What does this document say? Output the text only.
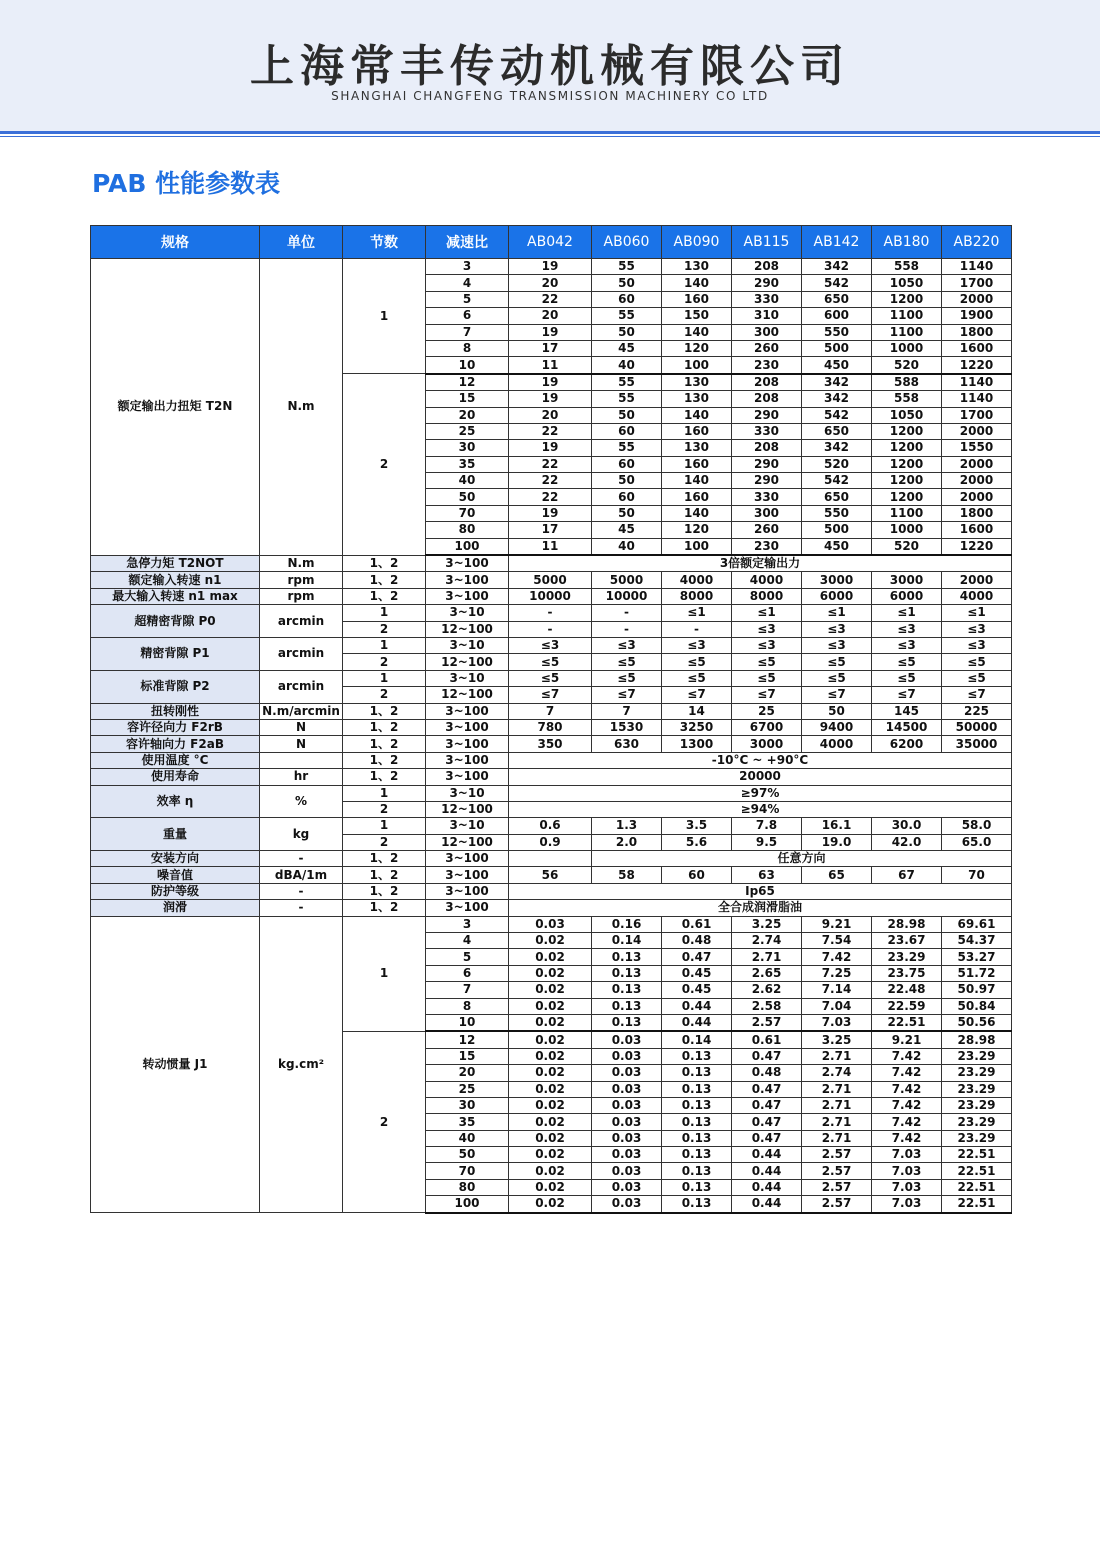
上海常丰传动机械有限公司
SHANGHAI CHANGFENG TRANSMISSION MACHINERY CO LTD
PAB 性能参数表
规格	单位	节数	减速比	AB042	AB060	AB090	AB115	AB142	AB180	AB220
额定输出力扭矩 T2N	N.m	1	3	19	55	130	208	342	558	1140
			4	20	50	140	290	542	1050	1700
			5	22	60	160	330	650	1200	2000
			6	20	55	150	310	600	1100	1900
			7	19	50	140	300	550	1100	1800
			8	17	45	120	260	500	1000	1600
			10	11	40	100	230	450	520	1220
		2	12	19	55	130	208	342	588	1140
			15	19	55	130	208	342	558	1140
			20	20	50	140	290	542	1050	1700
			25	22	60	160	330	650	1200	2000
			30	19	55	130	208	342	1200	1550
			35	22	60	160	290	520	1200	2000
			40	22	50	140	290	542	1200	2000
			50	22	60	160	330	650	1200	2000
			70	19	50	140	300	550	1100	1800
			80	17	45	120	260	500	1000	1600
			100	11	40	100	230	450	520	1220
急停力矩 T2NOT	N.m	1、2	3~100	3倍额定输出力						
额定输入转速 n1	rpm	1、2	3~100	5000	5000	4000	4000	3000	3000	2000
最大输入转速 n1 max	rpm	1、2	3~100	10000	10000	8000	8000	6000	6000	4000
超精密背隙 P0	arcmin	1	3~10	-	-	≤1	≤1	≤1	≤1	≤1
		2	12~100	-	-	-	≤3	≤3	≤3	≤3
精密背隙 P1	arcmin	1	3~10	≤3	≤3	≤3	≤3	≤3	≤3	≤3
		2	12~100	≤5	≤5	≤5	≤5	≤5	≤5	≤5
标准背隙 P2	arcmin	1	3~10	≤5	≤5	≤5	≤5	≤5	≤5	≤5
		2	12~100	≤7	≤7	≤7	≤7	≤7	≤7	≤7
扭转刚性	N.m/arcmin	1、2	3~100	7	7	14	25	50	145	225
容许径向力 F2rB	N	1、2	3~100	780	1530	3250	6700	9400	14500	50000
容许轴向力 F2aB	N	1、2	3~100	350	630	1300	3000	4000	6200	35000
使用温度 °C		1、2	3~100	-10°C ~ +90°C						
使用寿命	hr	1、2	3~100	20000						
效率 η	%	1	3~10	≥97%						
		2	12~100	≥94%						
重量	kg	1	3~10	0.6	1.3	3.5	7.8	16.1	30.0	58.0
		2	12~100	0.9	2.0	5.6	9.5	19.0	42.0	65.0
安装方向	-	1、2	3~100		任意方向					
噪音值	dBA/1m	1、2	3~100	56	58	60	63	65	67	70
防护等级	-	1、2	3~100	Ip65						
润滑	-	1、2	3~100	全合成润滑脂油						
转动惯量 J1	kg.cm²	1	3	0.03	0.16	0.61	3.25	9.21	28.98	69.61
			4	0.02	0.14	0.48	2.74	7.54	23.67	54.37
			5	0.02	0.13	0.47	2.71	7.42	23.29	53.27
			6	0.02	0.13	0.45	2.65	7.25	23.75	51.72
			7	0.02	0.13	0.45	2.62	7.14	22.48	50.97
			8	0.02	0.13	0.44	2.58	7.04	22.59	50.84
			10	0.02	0.13	0.44	2.57	7.03	22.51	50.56
		2	12	0.02	0.03	0.14	0.61	3.25	9.21	28.98
			15	0.02	0.03	0.13	0.47	2.71	7.42	23.29
			20	0.02	0.03	0.13	0.48	2.74	7.42	23.29
			25	0.02	0.03	0.13	0.47	2.71	7.42	23.29
			30	0.02	0.03	0.13	0.47	2.71	7.42	23.29
			35	0.02	0.03	0.13	0.47	2.71	7.42	23.29
			40	0.02	0.03	0.13	0.47	2.71	7.42	23.29
			50	0.02	0.03	0.13	0.44	2.57	7.03	22.51
			70	0.02	0.03	0.13	0.44	2.57	7.03	22.51
			80	0.02	0.03	0.13	0.44	2.57	7.03	22.51
			100	0.02	0.03	0.13	0.44	2.57	7.03	22.51
